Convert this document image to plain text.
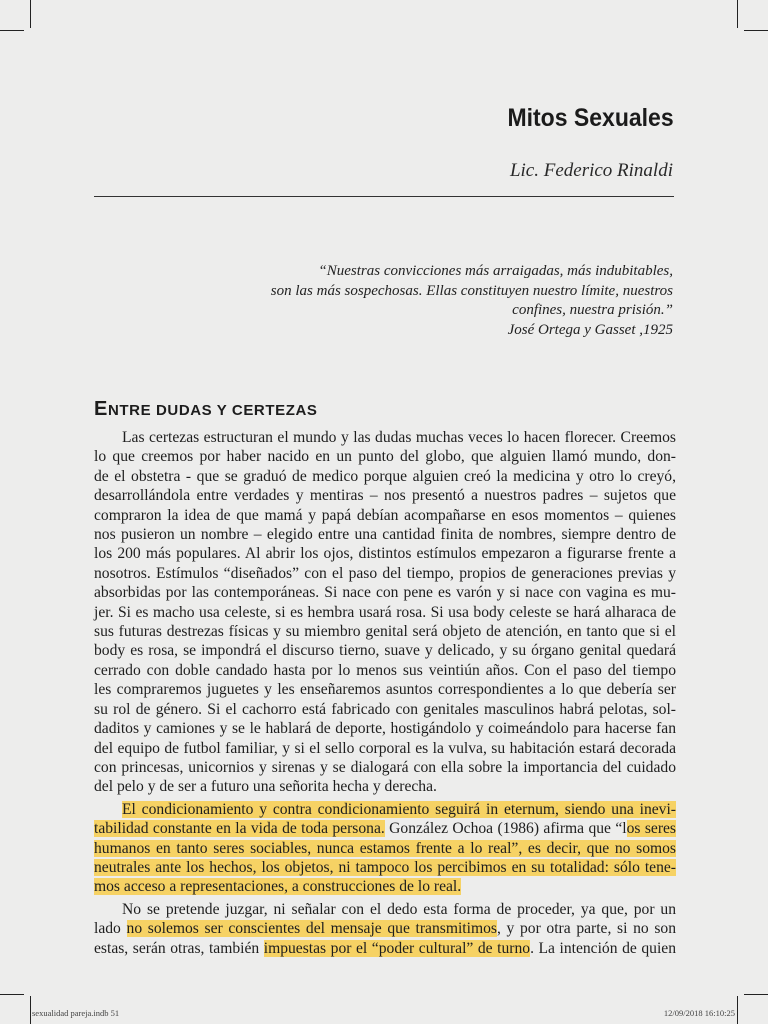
Mitos Sexuales
Lic. Federico Rinaldi
“Nuestras convicciones más arraigadas, más indubitables,
son las más sospechosas. Ellas constituyen nuestro límite, nuestros
confines, nuestra prisión.”
José Ortega y Gasset ,1925
ENTRE DUDAS Y CERTEZAS

Las certezas estructuran el mundo y las dudas muchas veces lo hacen florecer. Creemos
lo que creemos por haber nacido en un punto del globo, que alguien llamó mundo, don-
de el obstetra - que se graduó de medico porque alguien creó la medicina y otro lo creyó,
desarrollándola entre verdades y mentiras – nos presentó a nuestros padres – sujetos que
compraron la idea de que mamá y papá debían acompañarse en esos momentos – quienes
nos pusieron un nombre – elegido entre una cantidad finita de nombres, siempre dentro de
los 200 más populares. Al abrir los ojos, distintos estímulos empezaron a figurarse frente a
nosotros. Estímulos “diseñados” con el paso del tiempo, propios de generaciones previas y
absorbidas por las contemporáneas. Si nace con pene es varón y si nace con vagina es mu-
jer. Si es macho usa celeste, si es hembra usará rosa. Si usa body celeste se hará alharaca de
sus futuras destrezas físicas y su miembro genital será objeto de atención, en tanto que si el
body es rosa, se impondrá el discurso tierno, suave y delicado, y su órgano genital quedará
cerrado con doble candado hasta por lo menos sus veintiún años. Con el paso del tiempo
les compraremos juguetes y les enseñaremos asuntos correspondientes a lo que debería ser
su rol de género. Si el cachorro está fabricado con genitales masculinos habrá pelotas, sol-
daditos y camiones y se le hablará de deporte, hostigándolo y coimeándolo para hacerse fan
del equipo de futbol familiar, y si el sello corporal es la vulva, su habitación estará decorada
con princesas, unicornios y sirenas y se dialogará con ella sobre la importancia del cuidado
del pelo y de ser a futuro una señorita hecha y derecha.

El condicionamiento y contra condicionamiento seguirá in eternum, siendo una inevi-
tabilidad constante en la vida de toda persona. González Ochoa (1986) afirma que “los seres
humanos en tanto seres sociables, nunca estamos frente a lo real”, es decir, que no somos
neutrales ante los hechos, los objetos, ni tampoco los percibimos en su totalidad: sólo tene-
mos acceso a representaciones, a construcciones de lo real.

No se pretende juzgar, ni señalar con el dedo esta forma de proceder, ya que, por un
lado no solemos ser conscientes del mensaje que transmitimos, y por otra parte, si no son
estas, serán otras, también impuestas por el “poder cultural” de turno. La intención de quien

sexualidad pareja.indb 51	12/09/2018 16:10:25
